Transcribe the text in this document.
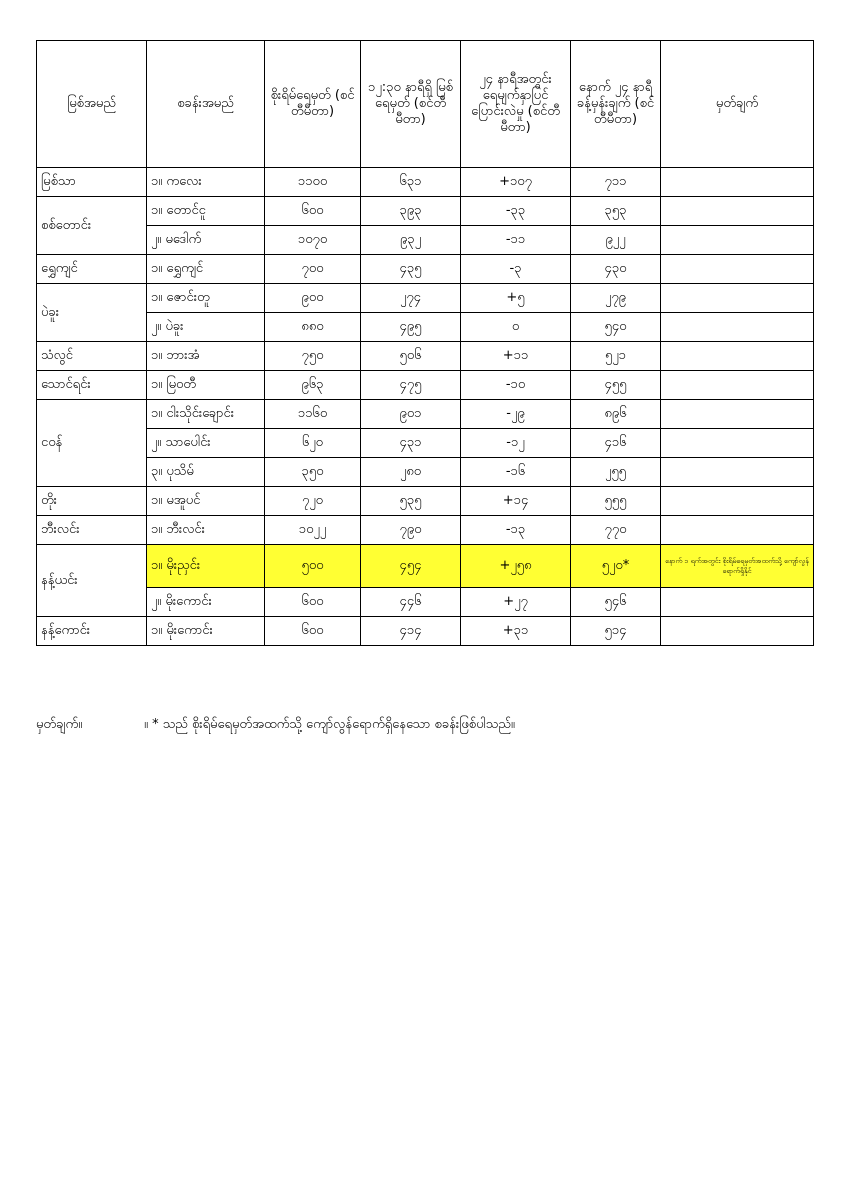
မြစ်အမည်	စခန်းအမည်	စိုးရိမ်ရေမှတ် (စင်တီမီတာ)	၁၂:၃၀ နာရီရှိ မြစ်ရေမှတ် (စင်တီမီတာ)	၂၄ နာရီအတွင်း ရေမျက်နှာပြင် ပြောင်းလဲမှု (စင်တီမီတာ)	နောက် ၂၄ နာရီ ခန့်မှန်းချက် (စင်တီမီတာ)	မှတ်ချက်
မြစ်သာ	၁။ ကလေး	၁၁၀၀	၆၃၁	+၁၀၇	၇၁၁	
စစ်တောင်း	၁။ တောင်ငူ	၆၀၀	၃၉၃	-၃၃	၃၅၃	
	၂။ မဒေါက်	၁၀၇၀	၉၃၂	-၁၁	၉၂၂	
ရွှေကျင်	၁။ ရွှေကျင်	၇၀၀	၄၃၅	-၃	၄၃၀	
ပဲခူး	၁။ ဇောင်းတူ	၉၀၀	၂၇၄	+၅	၂၇၉	
	၂။ ပဲခူး	၈၈၀	၄၉၅	၀	၅၄၀	
သံလွင်	၁။ ဘားအံ	၇၅၀	၅၀၆	+၁၁	၅၂၁	
သောင်ရင်း	၁။ မြဝတီ	၉၆၃	၄၇၅	-၁၀	၄၅၅	
ငဝန်	၁။ ငါးသိုင်းချောင်း	၁၁၆၀	၉၀၁	-၂၉	၈၉၆	
	၂။ သာပေါင်း	၆၂၀	၄၃၁	-၁၂	၄၁၆	
	၃။ ပုသိမ်	၃၅၀	၂၈၀	-၁၆	၂၅၅	
တိုး	၁။ မအူပင်	၇၂၀	၅၃၅	+၁၄	၅၅၅	
ဘီးလင်း	၁။ ဘီးလင်း	၁၀၂၂	၇၉၀	-၁၃	၇၇၀	
နန့်ယင်း	၁။ မိုးညှင်း	၅၀၀	၄၅၄	+၂၅၈	၅၂၀*	နောက် ၁ ရက်အတွင်း စိုးရိမ်ရေမှတ်အထက်သို့ ကျော်လွန်ရောက်ရှိနိုင်
	၂။ မိုးကောင်း	၆၀၀	၄၄၆	+၂၇	၅၄၆	
နန့်ကောင်း	၁။ မိုးကောင်း	၆၀၀	၄၁၄	+၃၁	၅၁၄	
မှတ်ချက်။	။ * သည် စိုးရိမ်ရေမှတ်အထက်သို့ ကျော်လွန်ရောက်ရှိနေသော စခန်းဖြစ်ပါသည်။
